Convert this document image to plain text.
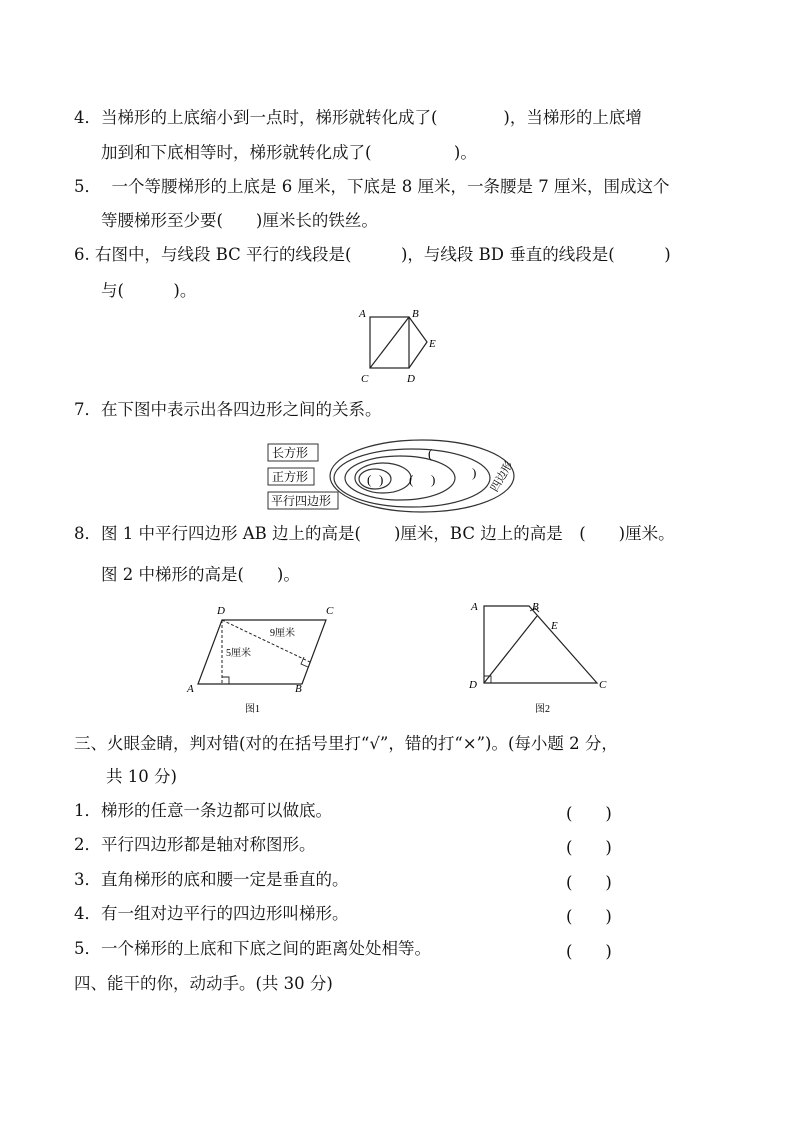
4．当梯形的上底缩小到一点时，梯形就转化成了(　　　　)，当梯形的上底增
加到和下底相等时，梯形就转化成了(　　　　　)。
5．  一个等腰梯形的上底是 6 厘米，下底是 8 厘米，一条腰是 7 厘米，围成这个
等腰梯形至少要(　　)厘米长的铁丝。
6. 右图中，与线段 BC 平行的线段是(　　　)，与线段 BD 垂直的线段是(　　　)
与(　　　)。
A	B
C	D
E
7．在下图中表示出各四边形之间的关系。
长方形
正方形
平行四边形
( ) ( )
(
) 四边形
8．图 1 中平行四边形 AB 边上的高是(　　)厘米，BC 边上的高是　(　　)厘米。
图 2 中梯形的高是(　　)。
D	C
A	B
9厘米
5厘米
图1
A	B
E
D	C
图2
三、火眼金睛，判对错(对的在括号里打“√”，错的打“×”)。(每小题 2 分，
共 10 分)
1．梯形的任意一条边都可以做底。	(　　)
2．平行四边形都是轴对称图形。	(　　)
3．直角梯形的底和腰一定是垂直的。	(　　)
4．有一组对边平行的四边形叫梯形。	(　　)
5．一个梯形的上底和下底之间的距离处处相等。	(　　)
四、能干的你，动动手。(共 30 分)
